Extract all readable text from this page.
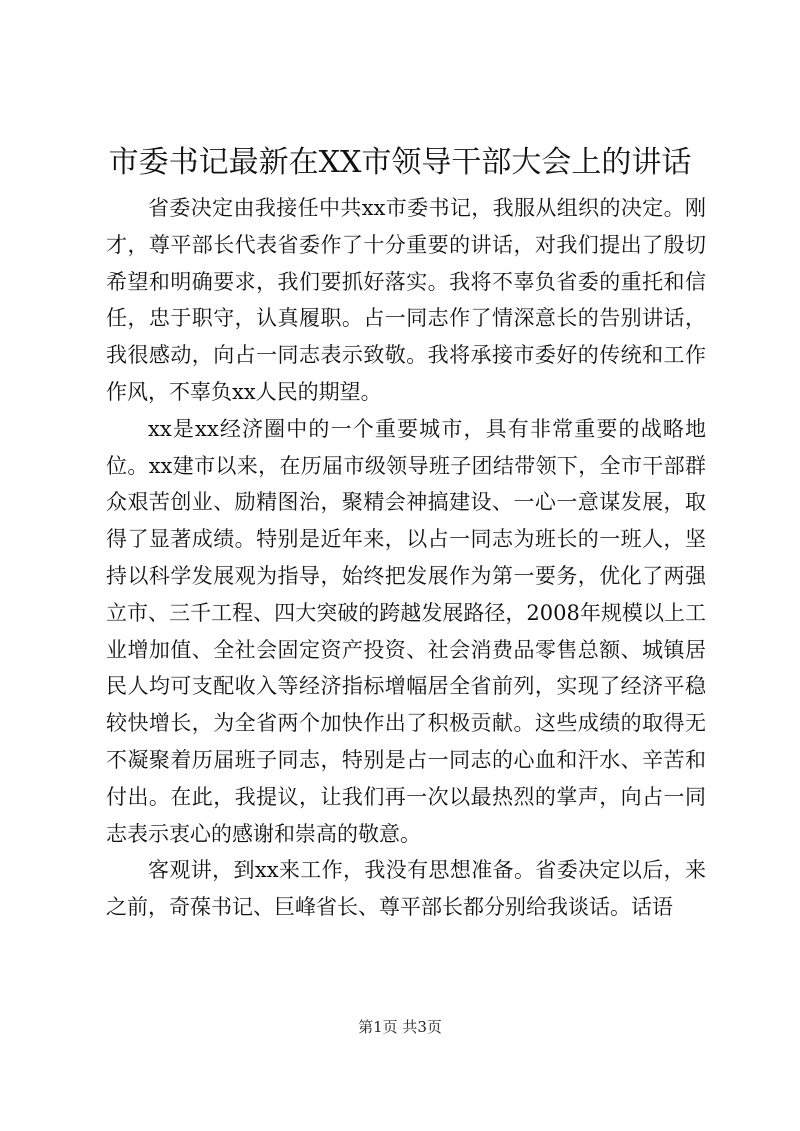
市委书记最新在XX市领导干部大会上的讲话

省委决定由我接任中共xx市委书记，我服从组织的决定。刚才，尊平部长代表省委作了十分重要的讲话，对我们提出了殷切希望和明确要求，我们要抓好落实。我将不辜负省委的重托和信任，忠于职守，认真履职。占一同志作了情深意长的告别讲话，我很感动，向占一同志表示致敬。我将承接市委好的传统和工作作风，不辜负xx人民的期望。

xx是xx经济圈中的一个重要城市，具有非常重要的战略地位。xx建市以来，在历届市级领导班子团结带领下，全市干部群众艰苦创业、励精图治，聚精会神搞建设、一心一意谋发展，取得了显著成绩。特别是近年来，以占一同志为班长的一班人，坚持以科学发展观为指导，始终把发展作为第一要务，优化了两强立市、三千工程、四大突破的跨越发展路径，2008年规模以上工业增加值、全社会固定资产投资、社会消费品零售总额、城镇居民人均可支配收入等经济指标增幅居全省前列，实现了经济平稳较快增长，为全省两个加快作出了积极贡献。这些成绩的取得无不凝聚着历届班子同志，特别是占一同志的心血和汗水、辛苦和付出。在此，我提议，让我们再一次以最热烈的掌声，向占一同志表示衷心的感谢和崇高的敬意。

客观讲，到xx来工作，我没有思想准备。省委决定以后，来之前，奇葆书记、巨峰省长、尊平部长都分别给我谈话。话语

第1页 共3页
